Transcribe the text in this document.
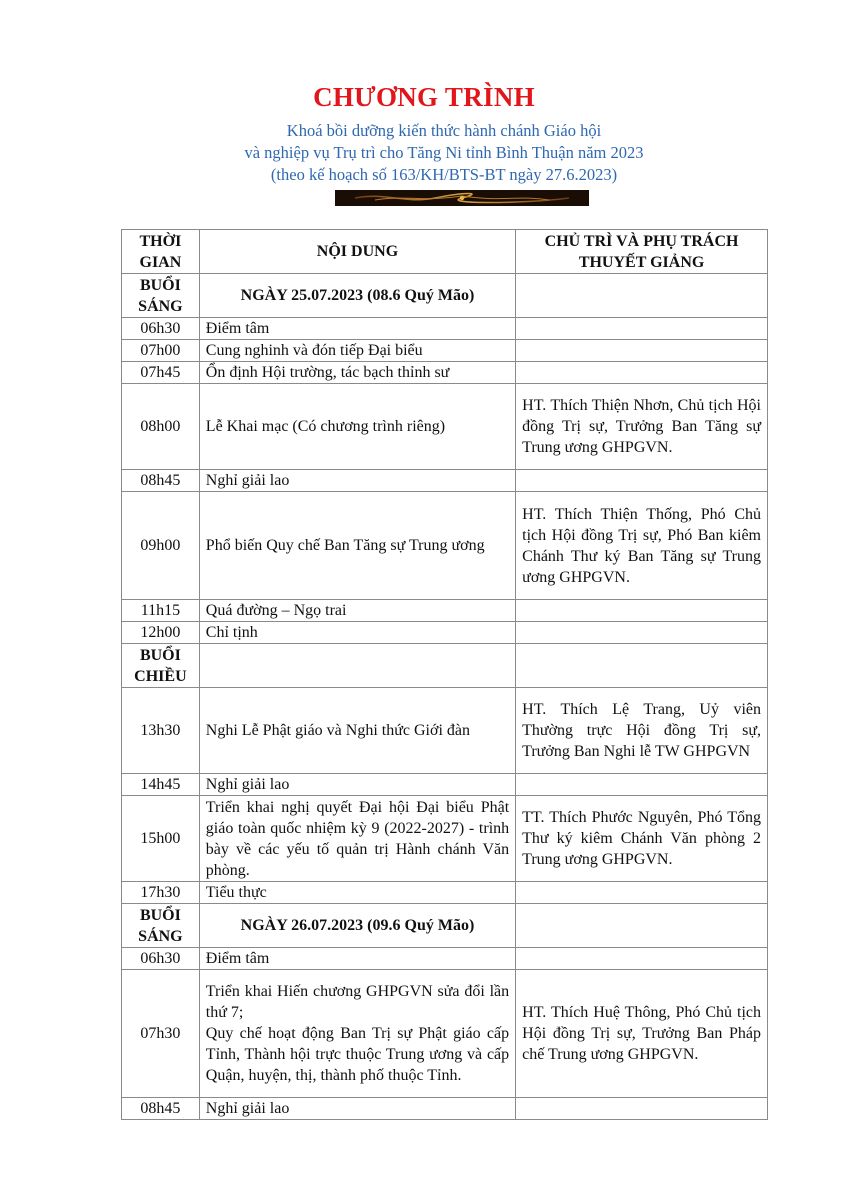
CHƯƠNG TRÌNH
Khoá bồi dưỡng kiến thức hành chánh Giáo hội
và nghiệp vụ Trụ trì cho Tăng Ni tỉnh Bình Thuận năm 2023
(theo kế hoạch số 163/KH/BTS-BT ngày 27.6.2023)
THỜI GIAN	NỘI DUNG	CHỦ TRÌ VÀ PHỤ TRÁCH THUYẾT GIẢNG
BUỔI SÁNG	NGÀY 25.07.2023 (08.6 Quý Mão)	
06h30	Điểm tâm	
07h00	Cung nghinh và đón tiếp Đại biểu	
07h45	Ổn định Hội trường, tác bạch thỉnh sư	
08h00	Lễ Khai mạc (Có chương trình riêng)	HT. Thích Thiện Nhơn, Chủ tịch Hội đồng Trị sự, Trưởng Ban Tăng sự Trung ương GHPGVN.
08h45	Nghỉ giải lao	
09h00	Phổ biến Quy chế Ban Tăng sự Trung ương	HT. Thích Thiện Thống, Phó Chủ tịch Hội đồng Trị sự, Phó Ban kiêm Chánh Thư ký Ban Tăng sự Trung ương GHPGVN.
11h15	Quá đường – Ngọ trai	
12h00	Chỉ tịnh	
BUỔI CHIỀU		
13h30	Nghi Lễ Phật giáo và Nghi thức Giới đàn	HT. Thích Lệ Trang, Uỷ viên Thường trực Hội đồng Trị sự, Trưởng Ban Nghi lễ TW GHPGVN
14h45	Nghỉ giải lao	
15h00	Triển khai nghị quyết Đại hội Đại biểu Phật giáo toàn quốc nhiệm kỳ 9 (2022-2027) - trình bày về các yếu tố quản trị Hành chánh Văn phòng.	TT. Thích Phước Nguyên, Phó Tổng Thư ký kiêm Chánh Văn phòng 2 Trung ương GHPGVN.
17h30	Tiểu thực	
BUỔI SÁNG	NGÀY 26.07.2023 (09.6 Quý Mão)	
06h30	Điểm tâm	
07h30	Triển khai Hiến chương GHPGVN sửa đổi lần thứ 7;
Quy chế hoạt động Ban Trị sự Phật giáo cấp Tỉnh, Thành hội trực thuộc Trung ương và cấp Quận, huyện, thị, thành phố thuộc Tỉnh.	HT. Thích Huệ Thông, Phó Chủ tịch Hội đồng Trị sự, Trưởng Ban Pháp chế Trung ương GHPGVN.
08h45	Nghỉ giải lao	
